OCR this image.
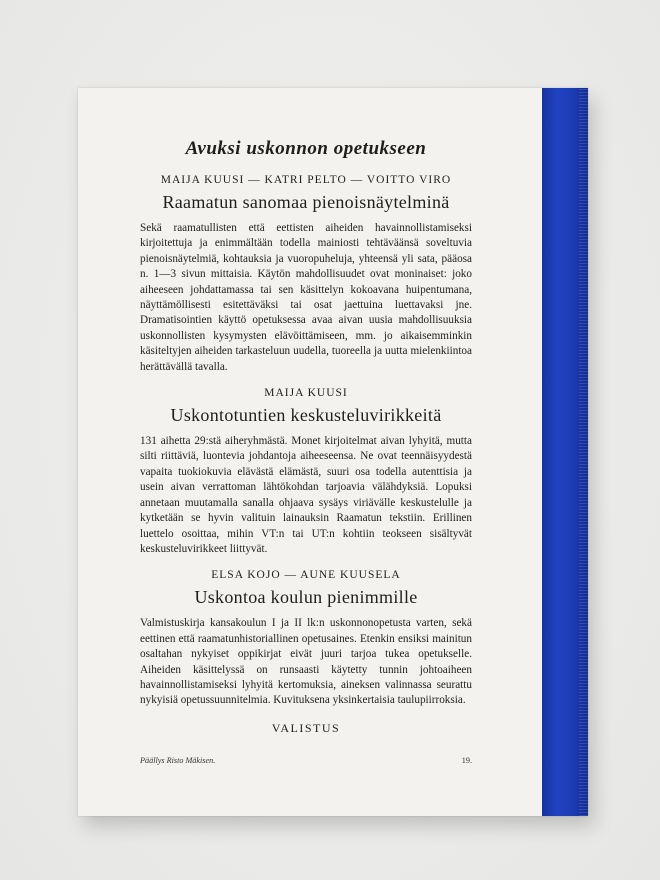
Avuksi uskonnon opetukseen
MAIJA KUUSI — KATRI PELTO — VOITTO VIRO
Raamatun sanomaa pienoisnäytelminä

Sekä raamatullisten että eettisten aiheiden havainnollistamiseksi kirjoitettuja ja enimmältään todella mainiosti tehtäväänsä soveltuvia pienoisnäytelmiä, kohtauksia ja vuoropuheluja, yhteensä yli sata, pääosa n. 1—3 sivun mittaisia. Käytön mahdollisuudet ovat moninaiset: joko aiheeseen johdattamassa tai sen käsittelyn kokoavana huipentumana, näyttämöllisesti esitettäväksi tai osat jaettuina luettavaksi jne. Dramatisointien käyttö opetuksessa avaa aivan uusia mahdollisuuksia uskonnollisten kysymysten elävöittämiseen, mm. jo aikaisemminkin käsiteltyjen aiheiden tarkasteluun uudella, tuoreella ja uutta mielenkiintoa herättävällä tavalla.

MAIJA KUUSI
Uskontotuntien keskusteluvirikkeitä

131 aihetta 29:stä aiheryhmästä. Monet kirjoitelmat aivan lyhyitä, mutta silti riittäviä, luontevia johdantoja aiheeseensa. Ne ovat teennäisyydestä vapaita tuokiokuvia elävästä elämästä, suuri osa todella autenttisia ja usein aivan verrattoman lähtökohdan tarjoavia välähdyksiä. Lopuksi annetaan muutamalla sanalla ohjaava sysäys viriävälle keskustelulle ja kytketään se hyvin valituin lainauksin Raamatun tekstiin. Erillinen luettelo osoittaa, mihin VT:n tai UT:n kohtiin teokseen sisältyvät keskusteluvirikkeet liittyvät.

ELSA KOJO — AUNE KUUSELA
Uskontoa koulun pienimmille

Valmistuskirja kansakoulun I ja II lk:n uskonnonopetusta varten, sekä eettinen että raamatunhistoriallinen opetusaines. Etenkin ensiksi mainitun osaltahan nykyiset oppikirjat eivät juuri tarjoa tukea opetukselle. Aiheiden käsittelyssä on runsaasti käytetty tunnin johtoaiheen havainnollistamiseksi lyhyitä kertomuksia, aineksen valinnassa seurattu nykyisiä opetussuunnitelmia. Kuvituksena yksinkertaisia taulupiirroksia.

VALISTUS
Päällys Risto Mäkisen.	19.
